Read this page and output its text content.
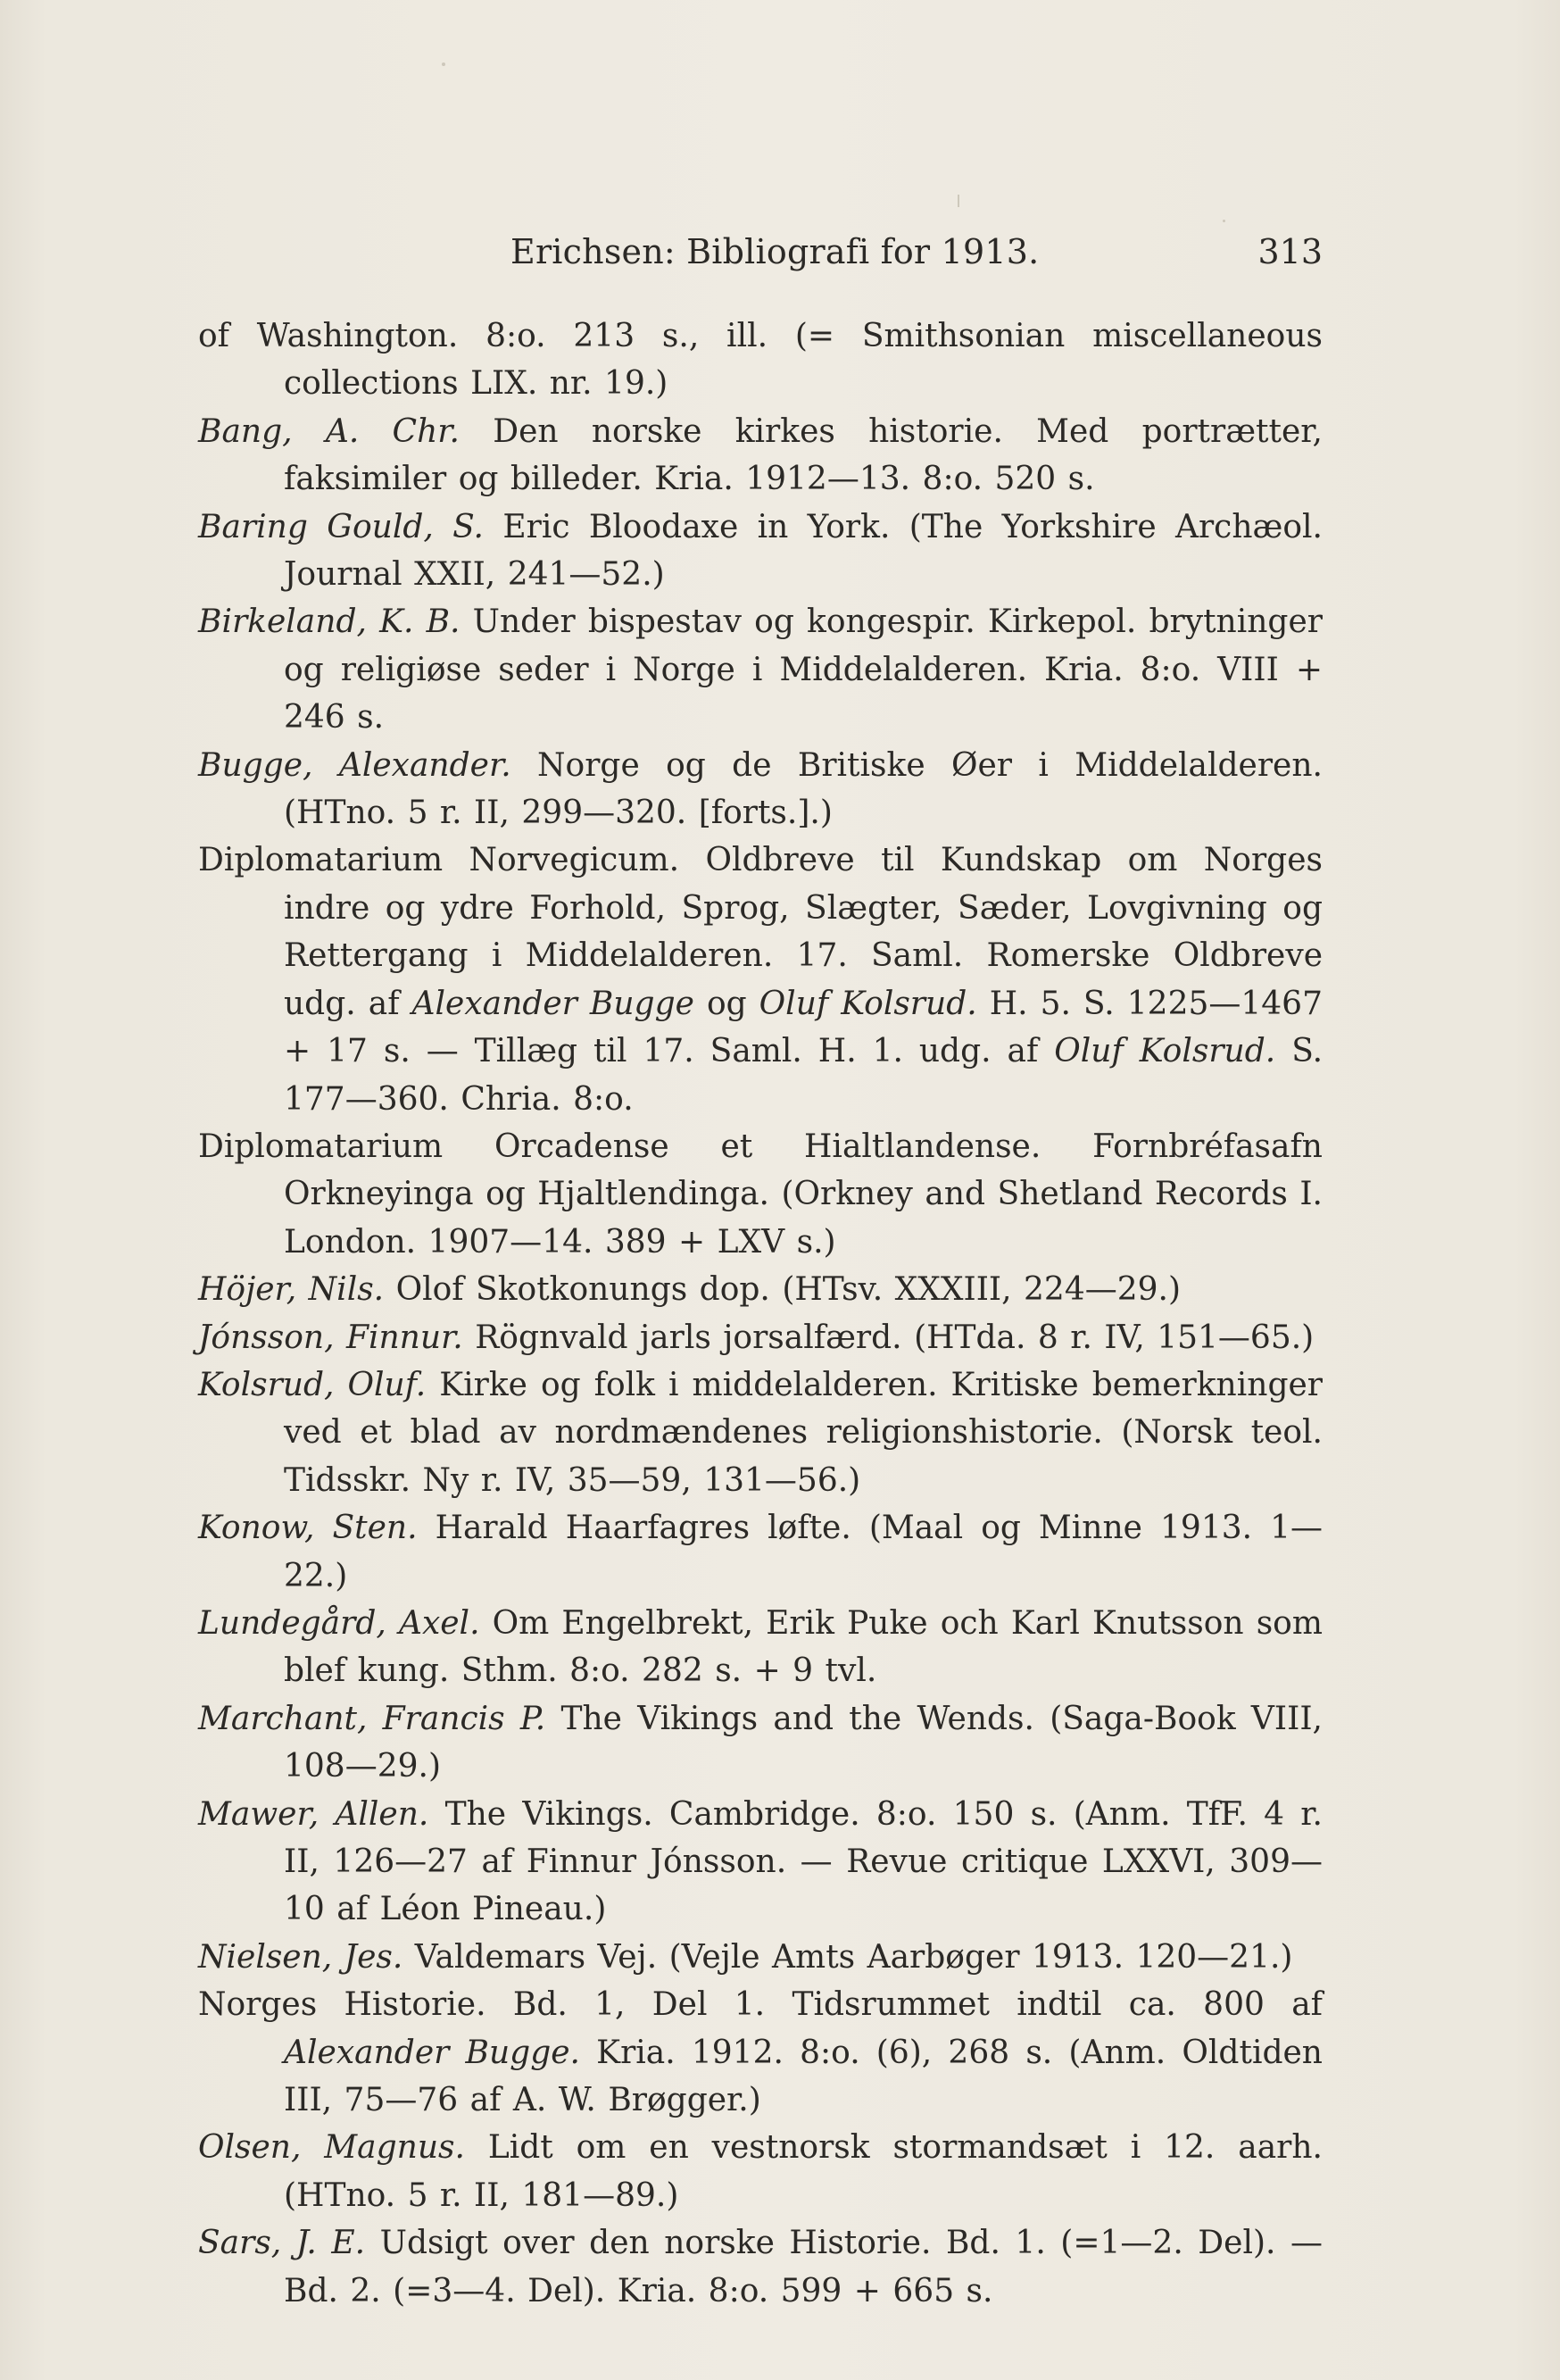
Erichsen: Bibliografi for 1913.	313

of Washington. 8:o. 213 s., ill. (= Smithsonian miscellaneous collections LIX. nr. 19.)

Bang, A. Chr. Den norske kirkes historie. Med portrætter, faksimiler og billeder. Kria. 1912—13. 8:o. 520 s.

Baring Gould, S. Eric Bloodaxe in York. (The Yorkshire Archæol. Journal XXII, 241—52.)

Birkeland, K. B. Under bispestav og kongespir. Kirkepol. brytninger og religiøse seder i Norge i Middelalderen. Kria. 8:o. VIII + 246 s.

Bugge, Alexander. Norge og de Britiske Øer i Middelalderen. (HTno. 5 r. II, 299—320. [forts.].)

Diplomatarium Norvegicum. Oldbreve til Kundskap om Norges indre og ydre Forhold, Sprog, Slægter, Sæder, Lovgivning og Rettergang i Middelalderen. 17. Saml. Romerske Oldbreve udg. af Alexander Bugge og Oluf Kolsrud. H. 5. S. 1225—1467 + 17 s. — Tillæg til 17. Saml. H. 1. udg. af Oluf Kolsrud. S. 177—360. Chria. 8:o.

Diplomatarium Orcadense et Hialtlandense. Fornbréfasafn Orkneyinga og Hjaltlendinga. (Orkney and Shetland Records I. London. 1907—14. 389 + LXV s.)

Höjer, Nils. Olof Skotkonungs dop. (HTsv. XXXIII, 224—29.)

Jónsson, Finnur. Rögnvald jarls jorsalfærd. (HTda. 8 r. IV, 151—65.)

Kolsrud, Oluf. Kirke og folk i middelalderen. Kritiske bemerkninger ved et blad av nordmændenes religionshistorie. (Norsk teol. Tidsskr. Ny r. IV, 35—59, 131—56.)

Konow, Sten. Harald Haarfagres løfte. (Maal og Minne 1913. 1—22.)

Lundegård, Axel. Om Engelbrekt, Erik Puke och Karl Knutsson som blef kung. Sthm. 8:o. 282 s. + 9 tvl.

Marchant, Francis P. The Vikings and the Wends. (Saga-Book VIII, 108—29.)

Mawer, Allen. The Vikings. Cambridge. 8:o. 150 s. (Anm. TfF. 4 r. II, 126—27 af Finnur Jónsson. — Revue critique LXXVI, 309—10 af Léon Pineau.)

Nielsen, Jes. Valdemars Vej. (Vejle Amts Aarbøger 1913. 120—21.)

Norges Historie. Bd. 1, Del 1. Tidsrummet indtil ca. 800 af Alexander Bugge. Kria. 1912. 8:o. (6), 268 s. (Anm. Oldtiden III, 75—76 af A. W. Brøgger.)

Olsen, Magnus. Lidt om en vestnorsk stormandsæt i 12. aarh. (HTno. 5 r. II, 181—89.)

Sars, J. E. Udsigt over den norske Historie. Bd. 1. (=1—2. Del). — Bd. 2. (=3—4. Del). Kria. 8:o. 599 + 665 s.
